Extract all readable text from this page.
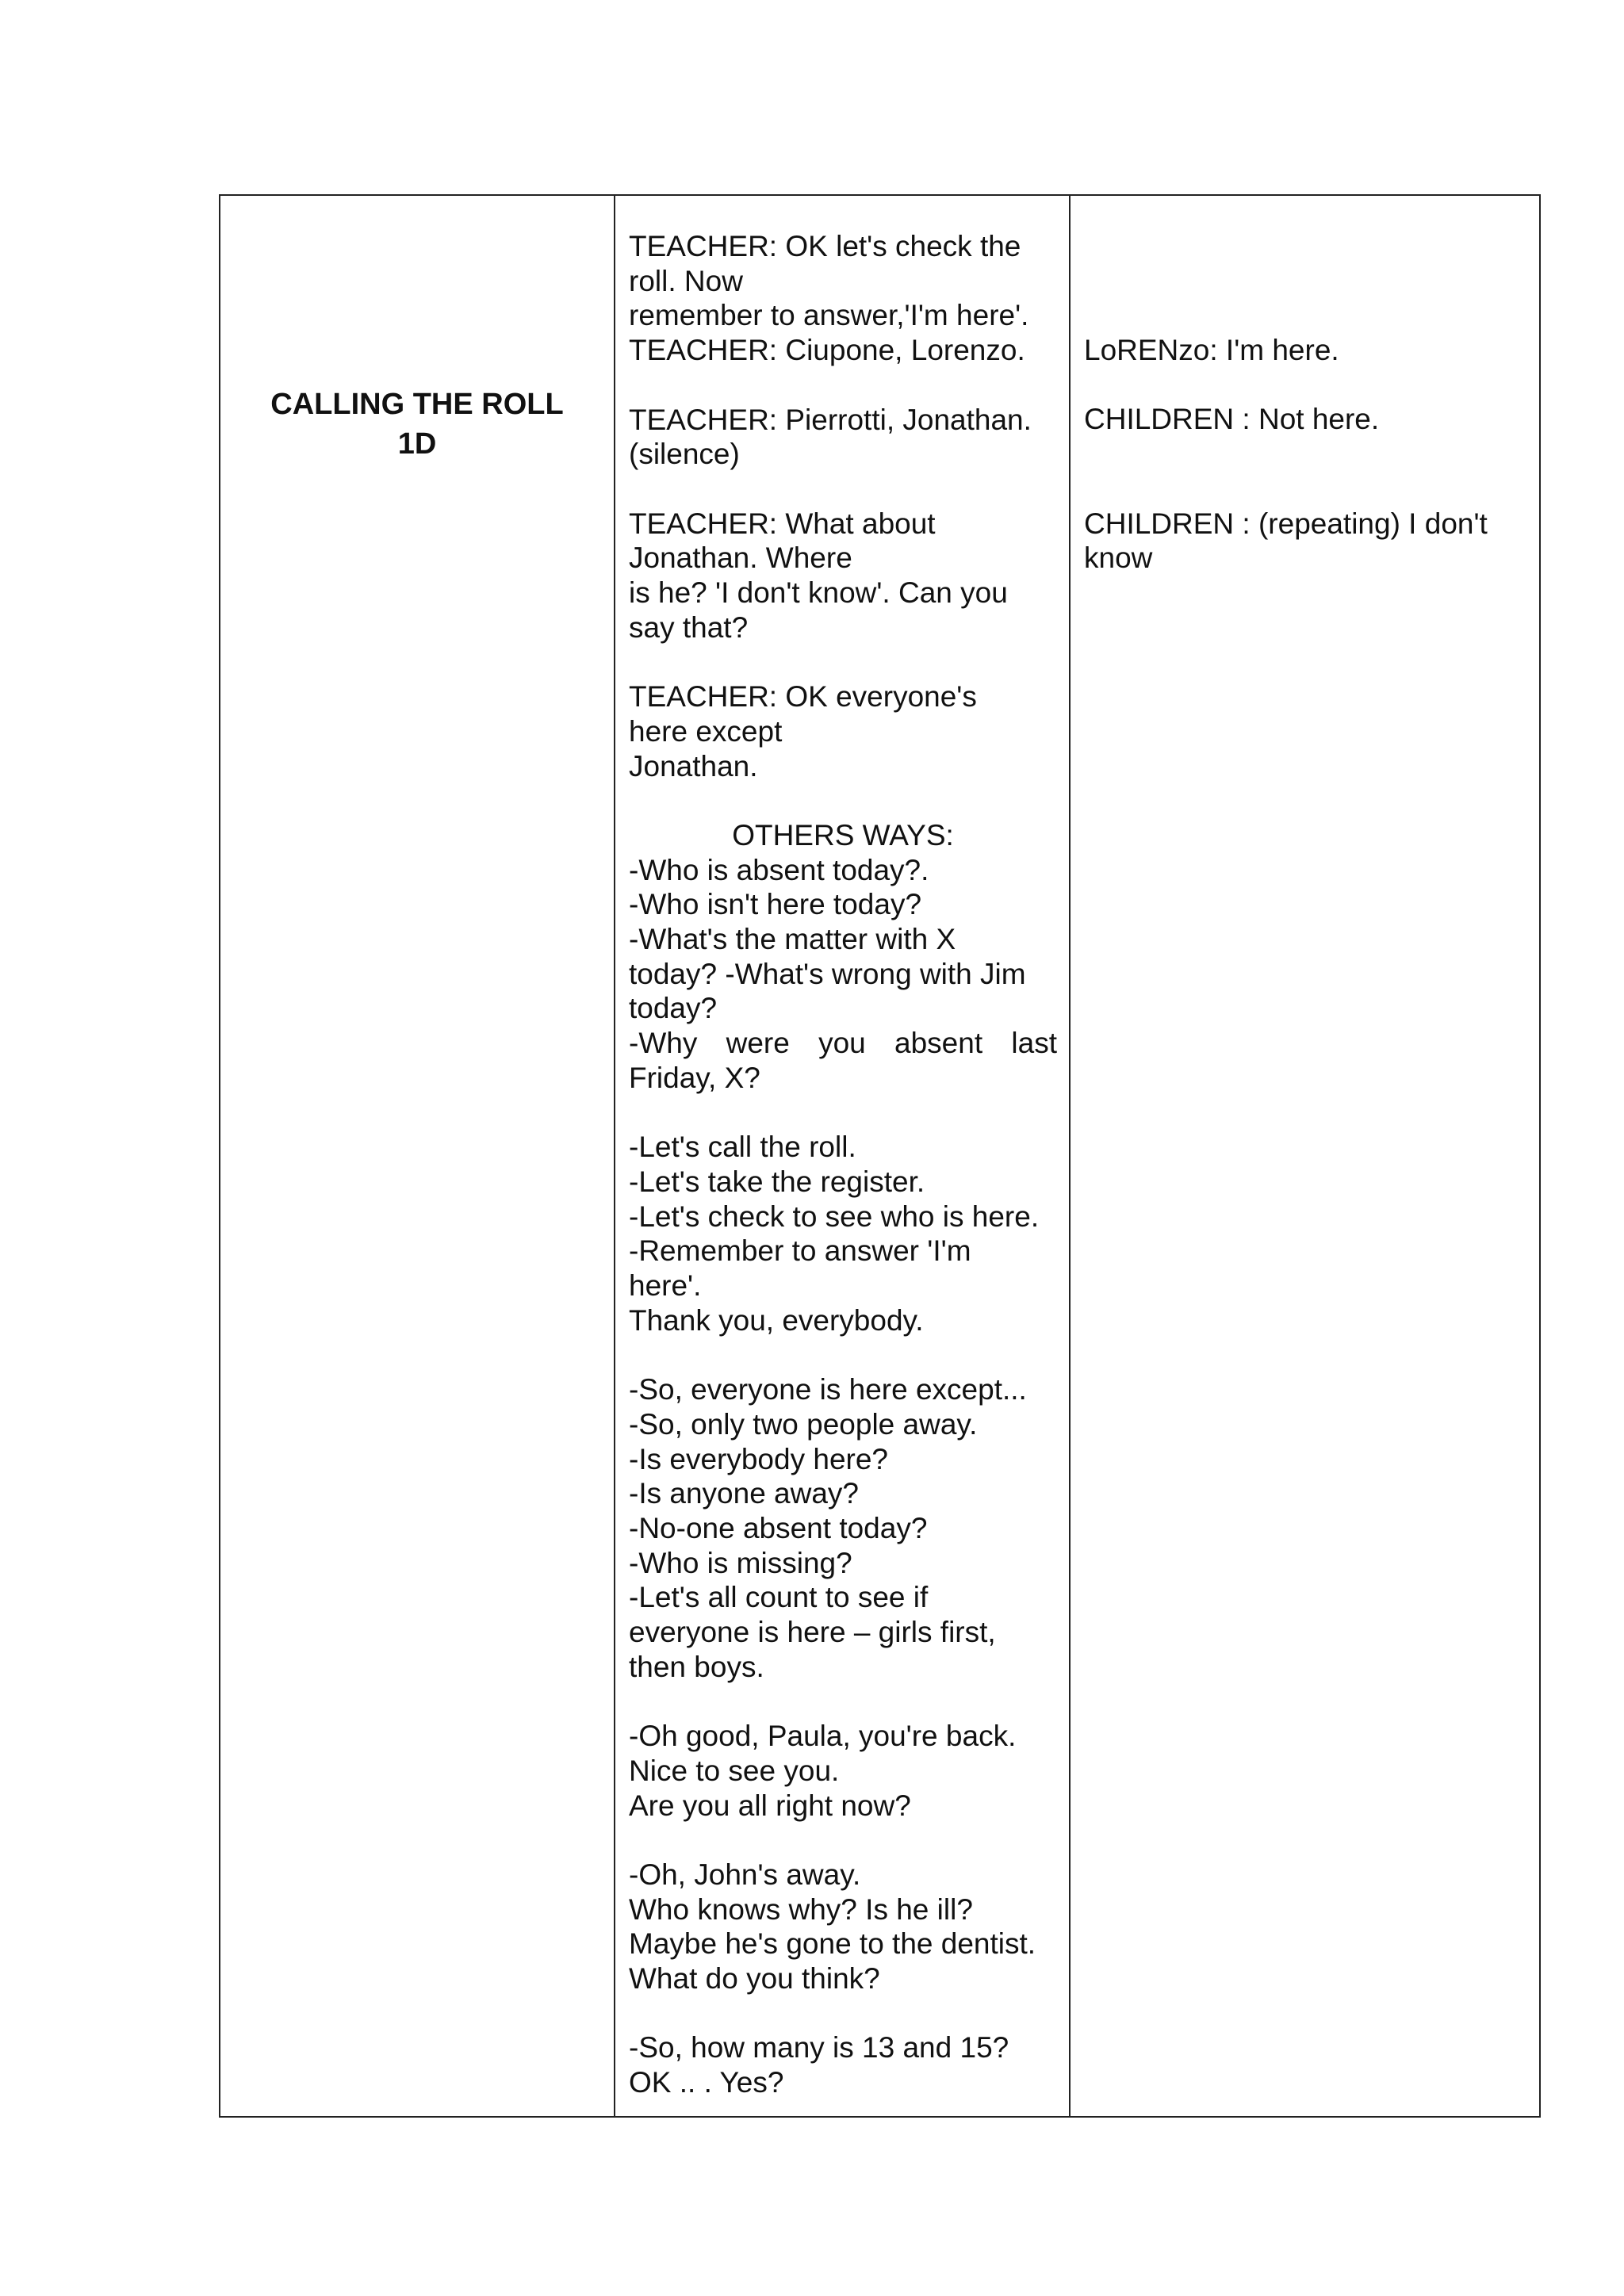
CALLING THE ROLL
1D
TEACHER: OK let's check the
roll. Now
remember to answer,'I'm here'.
TEACHER: Ciupone, Lorenzo.
TEACHER: Pierrotti, Jonathan.
(silence)
TEACHER: What about
Jonathan. Where
is he? 'I don't know'. Can you
say that?
TEACHER: OK everyone's
here except
Jonathan.
OTHERS WAYS:
-Who is absent today?.
-Who isn't here today?
-What's the matter with X
today? -What's wrong with Jim
today?
-Why were you absent last
Friday, X?
-Let's call the roll.
-Let's take the register.
-Let's check to see who is here.
-Remember to answer 'I'm
here'.
Thank you, everybody.
-So, everyone is here except...
-So, only two people away.
-Is everybody here?
-Is anyone away?
-No-one absent today?
-Who is missing?
-Let's all count to see if
everyone is here – girls first,
then boys.
-Oh good, Paula, you're back.
Nice to see you.
Are you all right now?
-Oh, John's away.
Who knows why? Is he ill?
Maybe he's gone to the dentist.
What do you think?
-So, how many is 13 and 15?
OK .. . Yes?
LoRENzo: I'm here.
CHILDREN : Not here.
CHILDREN : (repeating) I don't
know
